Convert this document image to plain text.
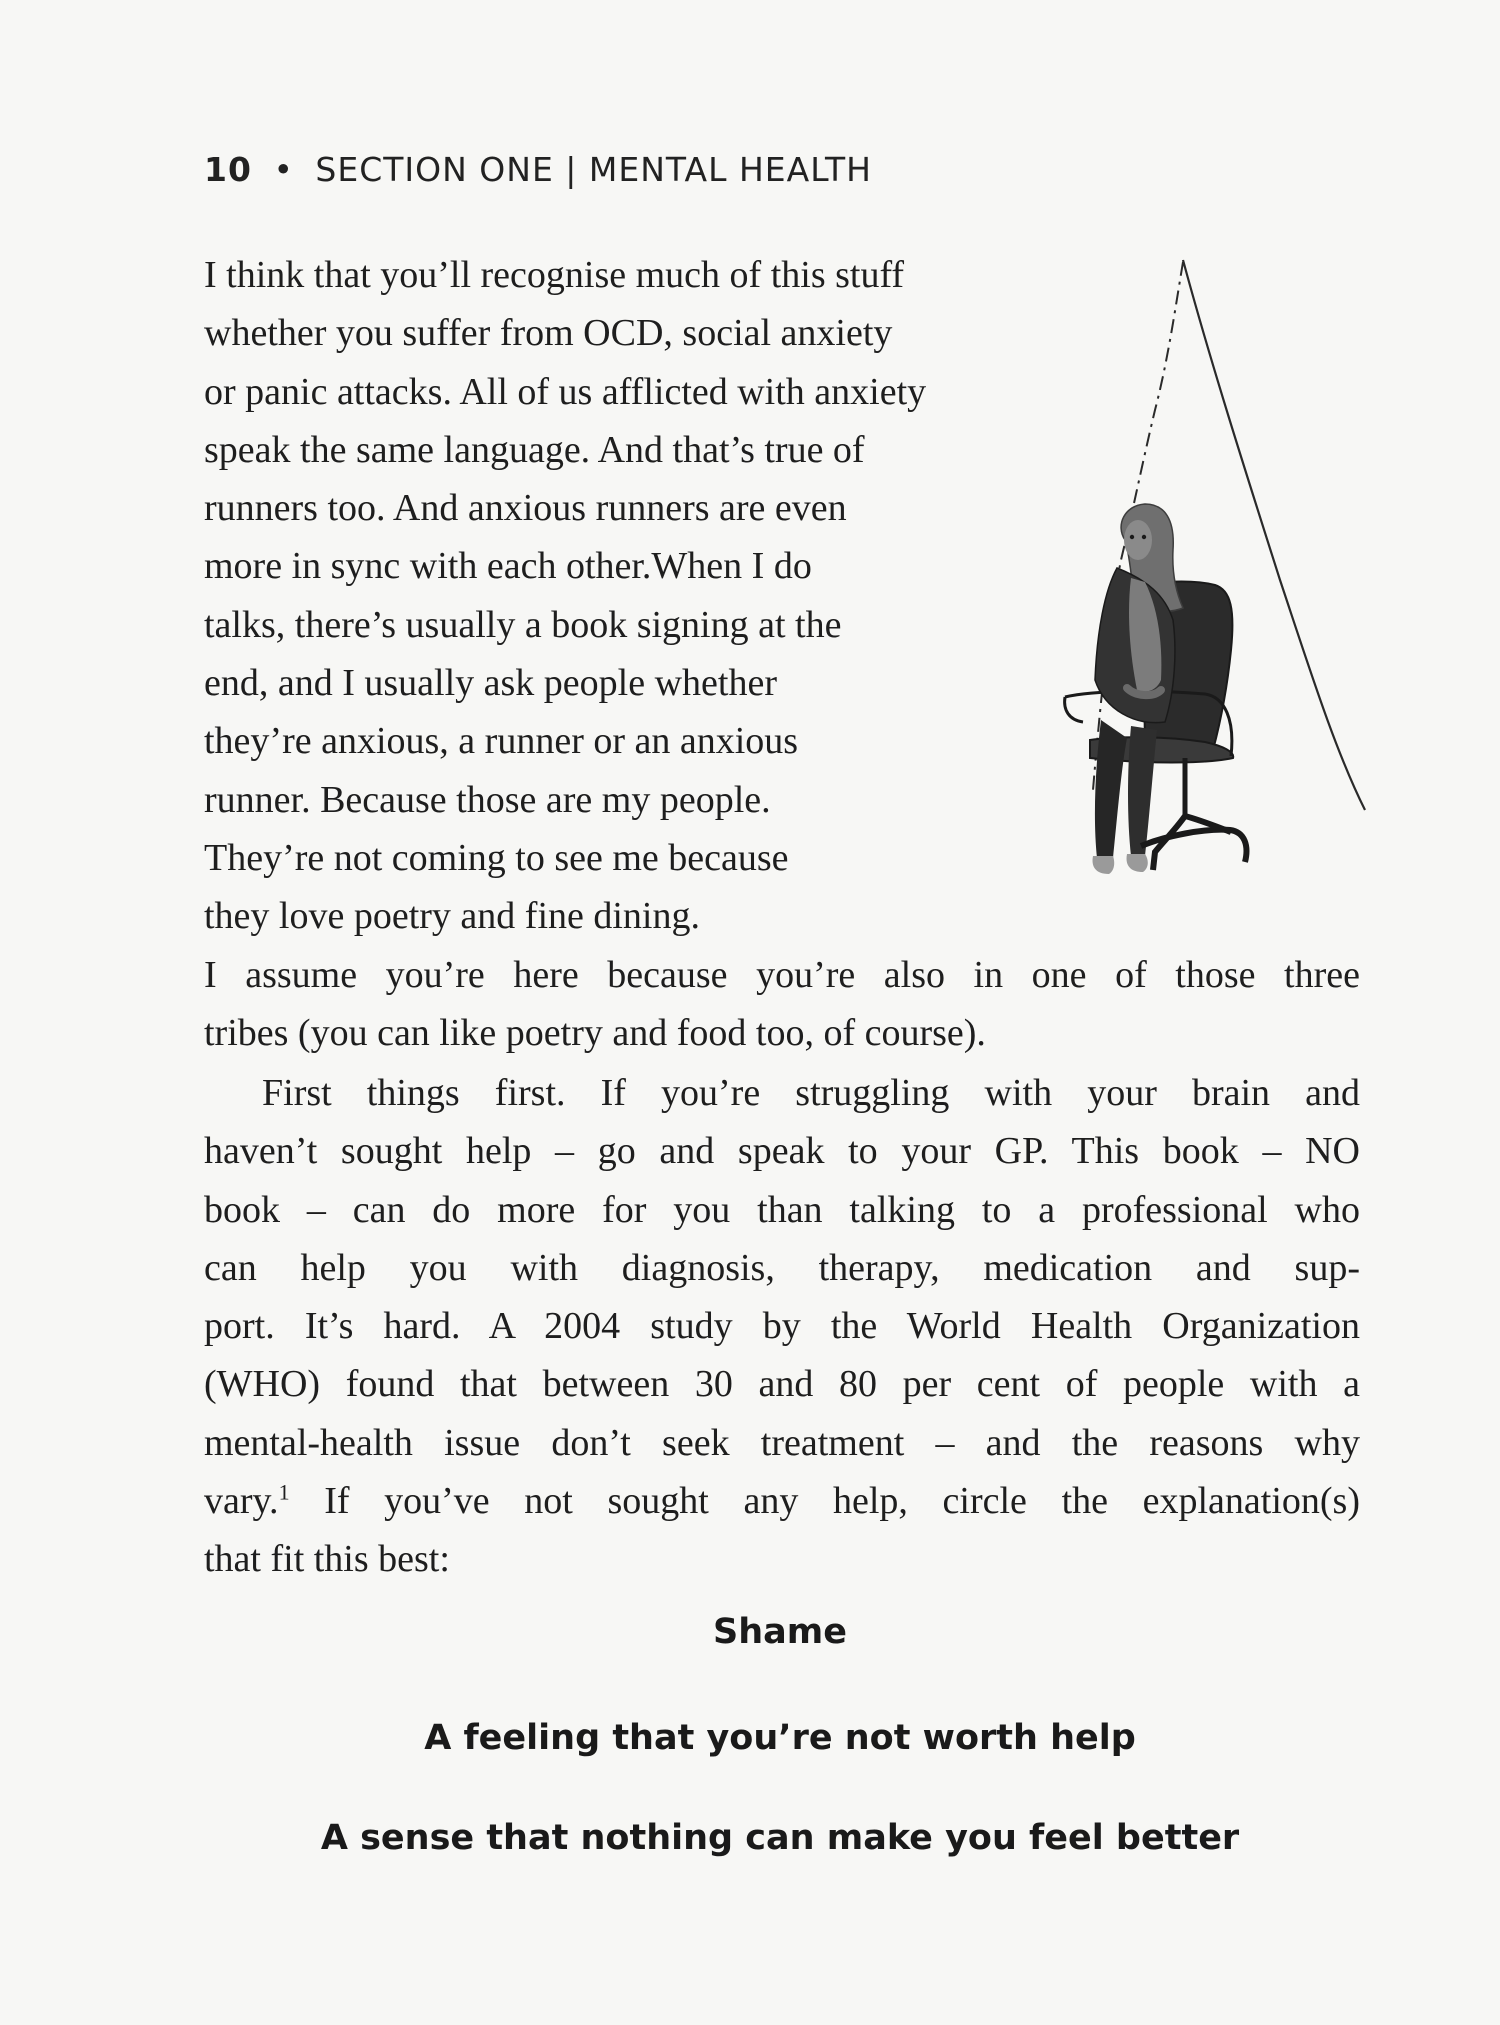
10 • SECTION ONE | MENTAL HEALTH
I think that you’ll recognise much of this stuff
whether you suffer from OCD, social anxiety
or panic attacks. All of us afflicted with anxiety
speak the same language. And that’s true of
runners too. And anxious runners are even
more in sync with each other.When I do
talks, there’s usually a book signing at the
end, and I usually ask people whether
they’re anxious, a runner or an anxious
runner. Because those are my people.
They’re not coming to see me because
they love poetry and fine dining.
I assume you’re here because you’re also in one of those three
tribes (you can like poetry and food too, of course).
First things first. If you’re struggling with your brain and
haven’t sought help – go and speak to your GP. This book – NO
book – can do more for you than talking to a professional who
can help you with diagnosis, therapy, medication and sup-
port. It’s hard. A 2004 study by the World Health Organization
(WHO) found that between 30 and 80 per cent of people with a
mental-health issue don’t seek treatment – and the reasons why
vary.$^1$ If you’ve not sought any help, circle the explanation(s)
that fit this best:
Shame
A feeling that you’re not worth help
A sense that nothing can make you feel better
